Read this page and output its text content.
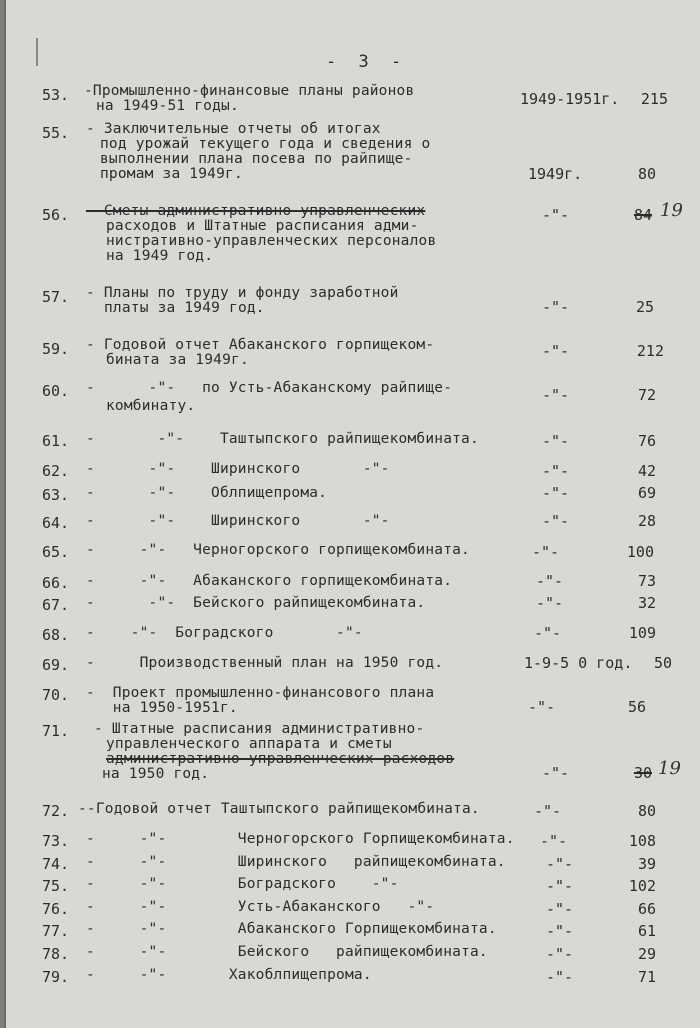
- 3 -
53. -Промышленно-финансовые планы районов
на 1949-51 годы.	1949-1951г.	215
55. - Заключительные отчеты об итогах
под урожай текущего года и сведения о
выполнении плана посева по райпище-
промам за 1949г.	1949г.	80
56. - Сметы административно-управленческих
расходов и Штатные расписания адми-
нистративно-управленческих персоналов
на 1949 год.
-"-	84 19
57. - Планы по труду и фонду заработной
платы за 1949 год.	-"-	25
59. - Годовой отчет Абаканского горпищеком-
бината за 1949г.	-"-	212
60. -      -"-   по Усть-Абаканскому райпище-
комбинату.
-"-	72
61. -       -"-    Таштыпского райпищекомбината.	-"-	76
62. -      -"-    Ширинского       -"-	-"-	42
63. -      -"-    Облпищепрома.	-"-	69
64. -      -"-    Ширинского       -"-	-"-	28
65. -     -"-   Черногорского горпищекомбината.	-"-	100
66. -     -"-   Абаканского горпищекомбината.	-"-	73
67. -      -"-  Бейского райпищекомбината.	-"-	32
68. -    -"-  Боградского       -"-	-"-	109
69. -     Производственный план на 1950 год.	1-9-5 0 год.	50
70. -  Проект промышленно-финансового плана
на 1950-1951г.	-"-	56
71. - Штатные расписания административно-
управленческого аппарата и сметы
административно-управленческих расходов
на 1950 год.	-"-	30 19
72. --Годовой отчет Таштыпского райпищекомбината.	-"-	80
73. -     -"-        Черногорского Горпищекомбината. -"-	108
74. -     -"-        Ширинского   райпищекомбината.	-"-	39
75. -     -"-        Боградского    -"-	-"-	102
76. -     -"-        Усть-Абаканского   -"-	-"-	66
77. -     -"-        Абаканского Горпищекомбината.	-"-	61
78. -     -"-        Бейского   райпищекомбината.	-"-	29
79. -     -"-       Хакоблпищепрома.	-"-	71
